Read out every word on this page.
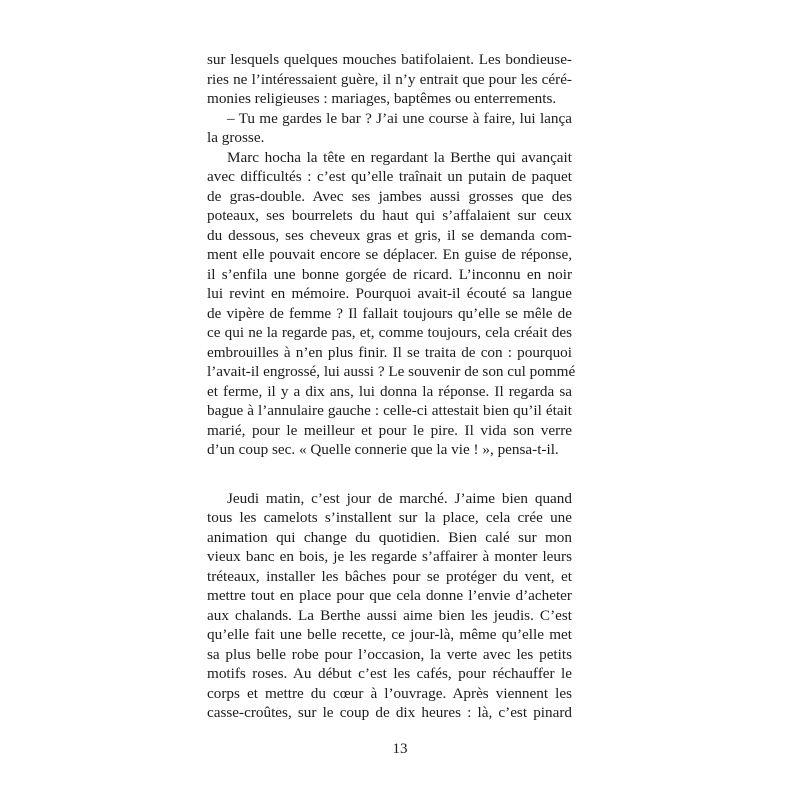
sur lesquels quelques mouches batifolaient. Les bondieuse-
ries ne l’intéressaient guère, il n’y entrait que pour les céré-
monies religieuses : mariages, baptêmes ou enterrements.
– Tu me gardes le bar ? J’ai une course à faire, lui lança
la grosse.
Marc hocha la tête en regardant la Berthe qui avançait
avec difficultés : c’est qu’elle traînait un putain de paquet
de gras-double. Avec ses jambes aussi grosses que des
poteaux, ses bourrelets du haut qui s’affalaient sur ceux
du dessous, ses cheveux gras et gris, il se demanda com-
ment elle pouvait encore se déplacer. En guise de réponse,
il s’enfila une bonne gorgée de ricard. L’inconnu en noir
lui revint en mémoire. Pourquoi avait-il écouté sa langue
de vipère de femme ? Il fallait toujours qu’elle se mêle de
ce qui ne la regarde pas, et, comme toujours, cela créait des
embrouilles à n’en plus finir. Il se traita de con : pourquoi
l’avait-il engrossé, lui aussi ? Le souvenir de son cul pommé
et ferme, il y a dix ans, lui donna la réponse. Il regarda sa
bague à l’annulaire gauche : celle-ci attestait bien qu’il était
marié, pour le meilleur et pour le pire. Il vida son verre
d’un coup sec. « Quelle connerie que la vie ! », pensa-t-il.
Jeudi matin, c’est jour de marché. J’aime bien quand
tous les camelots s’installent sur la place, cela crée une
animation qui change du quotidien. Bien calé sur mon
vieux banc en bois, je les regarde s’affairer à monter leurs
tréteaux, installer les bâches pour se protéger du vent, et
mettre tout en place pour que cela donne l’envie d’acheter
aux chalands. La Berthe aussi aime bien les jeudis. C’est
qu’elle fait une belle recette, ce jour-là, même qu’elle met
sa plus belle robe pour l’occasion, la verte avec les petits
motifs roses. Au début c’est les cafés, pour réchauffer le
corps et mettre du cœur à l’ouvrage. Après viennent les
casse-croûtes, sur le coup de dix heures : là, c’est pinard
13
